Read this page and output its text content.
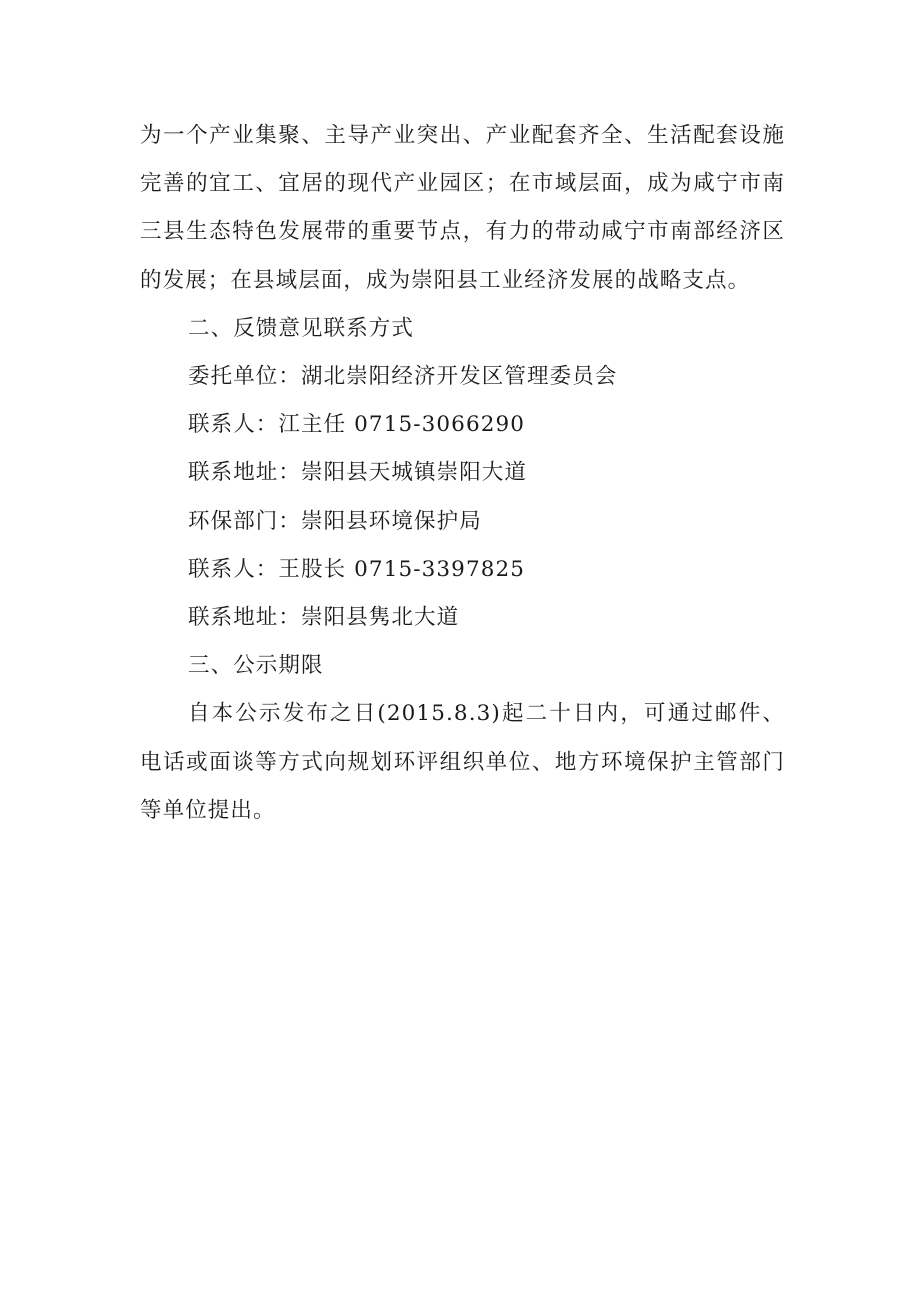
为一个产业集聚、主导产业突出、产业配套齐全、生活配套设施完善的宜工、宜居的现代产业园区；在市域层面，成为咸宁市南三县生态特色发展带的重要节点，有力的带动咸宁市南部经济区的发展；在县域层面，成为崇阳县工业经济发展的战略支点。

二、反馈意见联系方式

委托单位：湖北崇阳经济开发区管理委员会

联系人：江主任 0715-3066290

联系地址：崇阳县天城镇崇阳大道

环保部门：崇阳县环境保护局

联系人：王股长 0715-3397825

联系地址：崇阳县隽北大道

三、公示期限

自本公示发布之日(2015.8.3)起二十日内，可通过邮件、电话或面谈等方式向规划环评组织单位、地方环境保护主管部门等单位提出。
